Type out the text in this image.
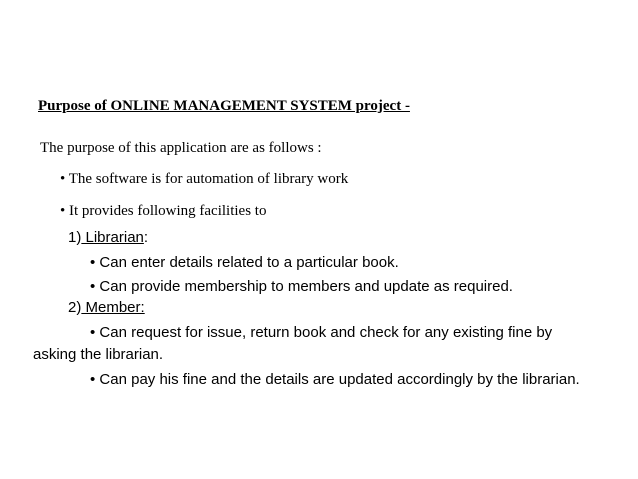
Purpose of ONLINE MANAGEMENT SYSTEM project -
The purpose of this application are as follows :
• The software is for automation of library work
• It provides following facilities to
1) Librarian:
• Can enter details related to a particular book.
• Can provide membership to members and update as required.
2) Member:
• Can request for issue, return book and check for any existing fine by
asking the librarian.
• Can pay his fine and the details are updated accordingly by the librarian.
